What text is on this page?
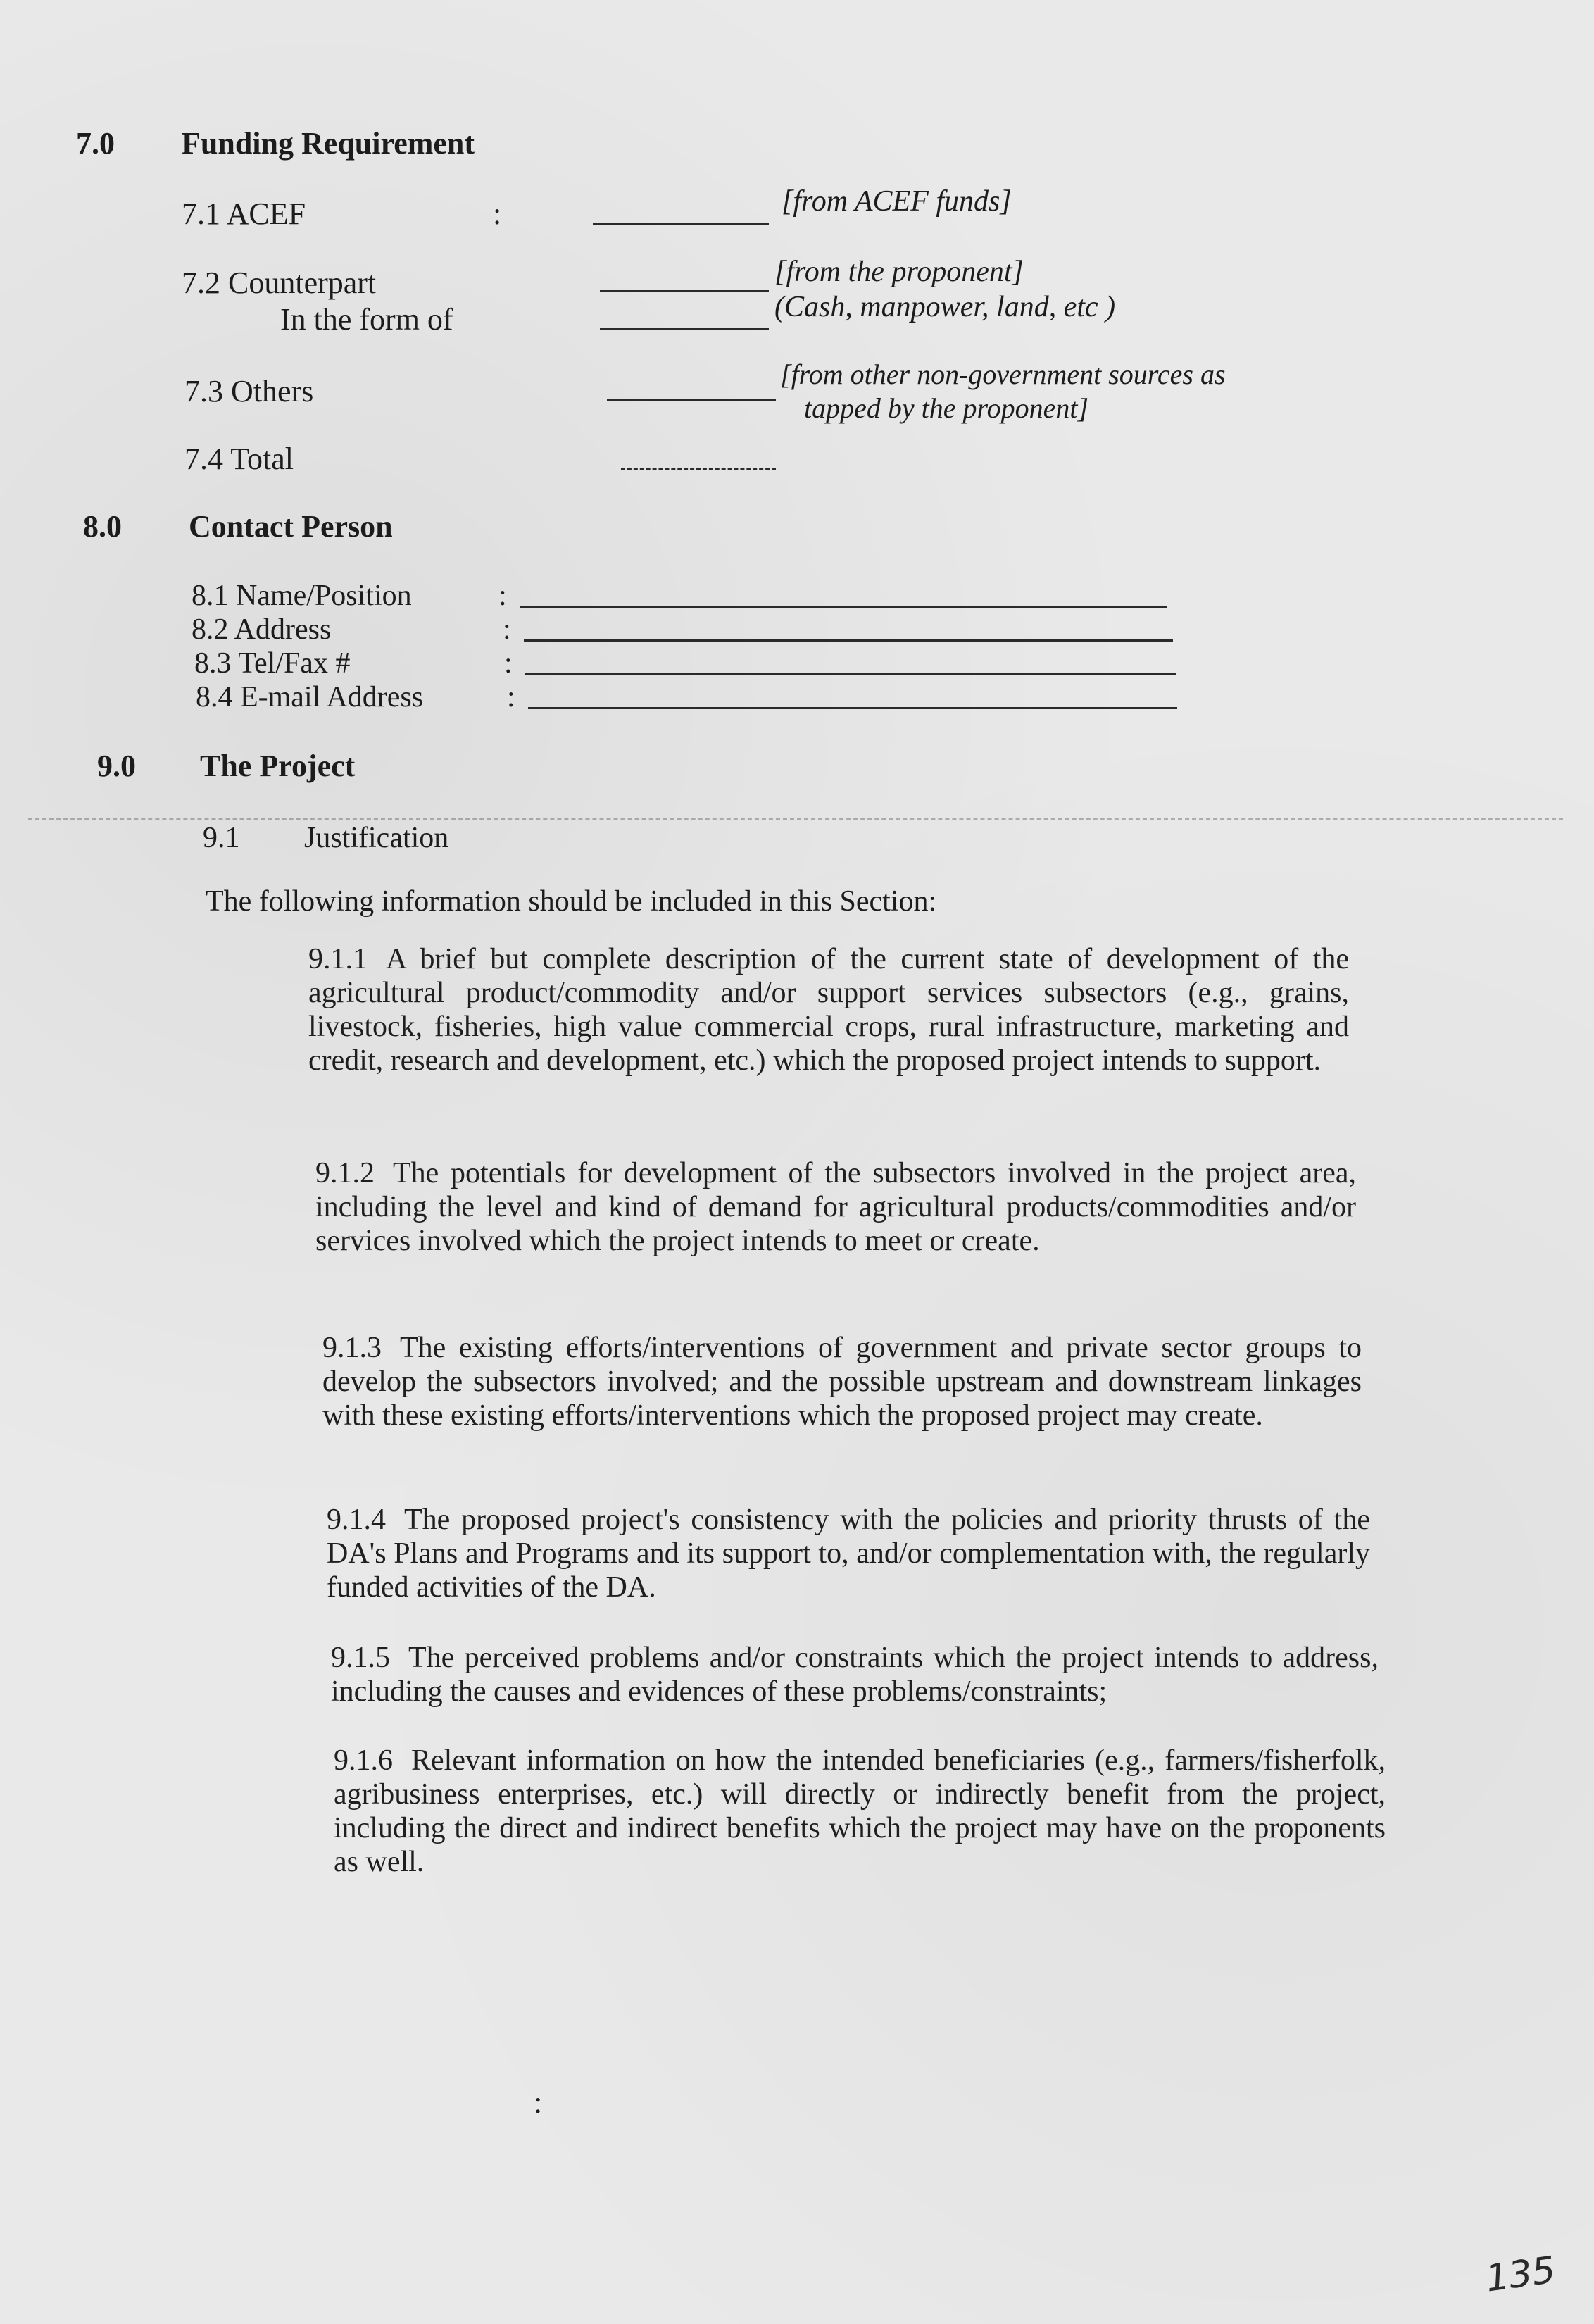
7.0 Funding Requirement
7.1 ACEF	:	[from ACEF funds]
7.2 Counterpart	[from the proponent]
In the form of	(Cash, manpower, land, etc )
7.3 Others	[from other non-government sources as
tapped by the proponent]
7.4 Total
8.0 Contact Person
8.1 Name/Position	:
8.2 Address	:
8.3 Tel/Fax #	:
8.4 E-mail Address	:
9.0 The Project
9.1 Justification
The following information should be included in this Section:
9.1.1 A brief but complete description of the current state of development of the agricultural product/commodity and/or support services subsectors (e.g., grains, livestock, fisheries, high value commercial crops, rural infrastructure, marketing and credit, research and development, etc.) which the proposed project intends to support.
9.1.2 The potentials for development of the subsectors involved in the project area, including the level and kind of demand for agricultural products/commodities and/or services involved which the project intends to meet or create.
9.1.3 The existing efforts/interventions of government and private sector groups to develop the subsectors involved; and the possible upstream and downstream linkages with these existing efforts/interventions which the proposed project may create.
9.1.4 The proposed project's consistency with the policies and priority thrusts of the DA's Plans and Programs and its support to, and/or complementation with, the regularly funded activities of the DA.
9.1.5 The perceived problems and/or constraints which the project intends to address, including the causes and evidences of these problems/constraints;
9.1.6 Relevant information on how the intended beneficiaries (e.g., farmers/fisherfolk, agribusiness enterprises, etc.) will directly or indirectly benefit from the project, including the direct and indirect benefits which the project may have on the proponents as well.
:
135
